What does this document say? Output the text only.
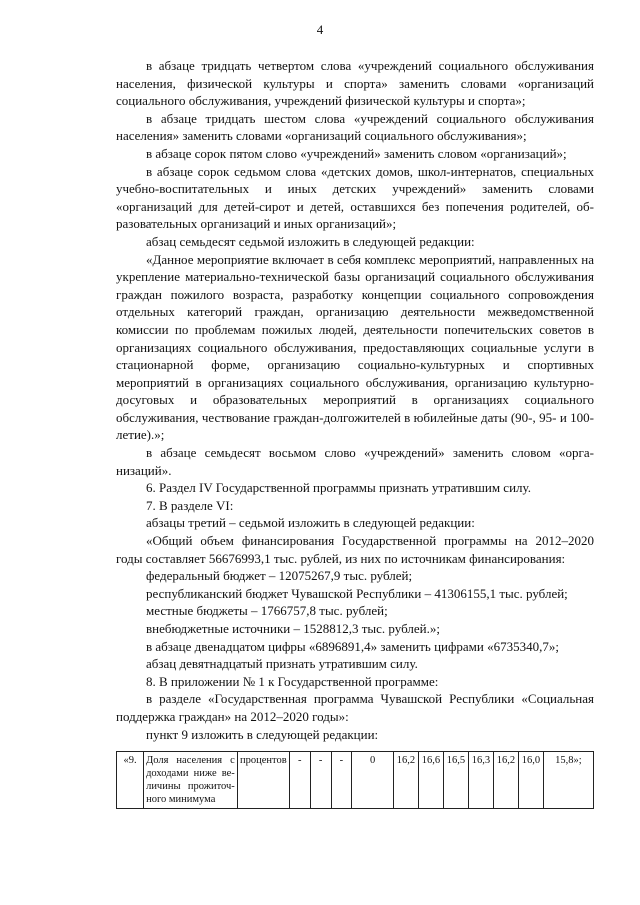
4

в абзаце тридцать четвертом слова «учреждений социального обслуживания населения, физической культуры и спорта» заменить словами «организаций социального обслуживания, учреждений физической культуры и спорта»;

в абзаце тридцать шестом слова «учреждений социального обслуживания населения» заменить словами «организаций социального обслуживания»;

в абзаце сорок пятом слово «учреждений» заменить словом «организаций»;

в абзаце сорок седьмом слова «детских домов, школ-интернатов, специальных учебно-воспитательных и иных детских учреждений» заменить словами «организаций для детей-сирот и детей, оставшихся без попечения родителей, образовательных организаций и иных организаций»;

абзац семьдесят седьмой изложить в следующей редакции:

«Данное мероприятие включает в себя комплекс мероприятий, направленных на укрепление материально-технической базы организаций социального обслуживания граждан пожилого возраста, разработку концепции социального сопровождения отдельных категорий граждан, организацию деятельности межведомственной комиссии по проблемам пожилых людей, деятельности попечительских советов в организациях социального обслуживания, предоставляющих социальные услуги в стационарной форме, организацию социально-культурных и спортивных мероприятий в организациях социального обслуживания, организацию культурно-досуговых и образовательных мероприятий в организациях социального обслуживания, чествование граждан-долгожителей в юбилейные даты (90-, 95- и 100-летие).»;

в абзаце семьдесят восьмом слово «учреждений» заменить словом «организаций».

6. Раздел IV Государственной программы признать утратившим силу.

7. В разделе VI:

абзацы третий – седьмой изложить в следующей редакции:

«Общий объем финансирования Государственной программы на 2012–2020 годы составляет 56676993,1 тыс. рублей, из них по источникам финансирования:

федеральный бюджет – 12075267,9 тыс. рублей;

республиканский бюджет Чувашской Республики – 41306155,1 тыс. рублей;

местные бюджеты – 1766757,8 тыс. рублей;

внебюджетные источники – 1528812,3 тыс. рублей.»;

в абзаце двенадцатом цифры «6896891,4» заменить цифрами «6735340,7»;

абзац девятнадцатый признать утратившим силу.

8. В приложении № 1 к Государственной программе:

в разделе «Государственная программа Чувашской Республики «Социальная поддержка граждан» на 2012–2020 годы»:

пункт 9 изложить в следующей редакции:

«9.	Доля населения с доходами ниже величины прожиточного минимума	процентов	-	-	-	0	16,2	16,6	16,5	16,3	16,2	16,0	15,8»;
